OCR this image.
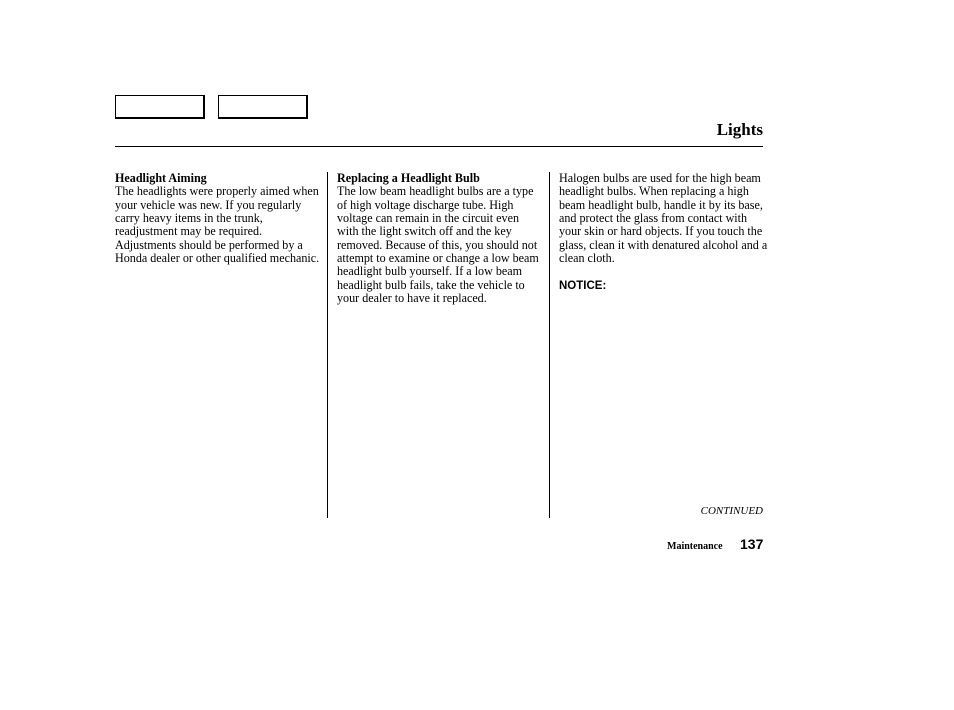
Lights
Headlight Aiming
The headlights were properly aimed when your vehicle was new. If you regularly carry heavy items in the trunk, readjustment may be required. Adjustments should be performed by a Honda dealer or other qualified mechanic.
Replacing a Headlight Bulb
The low beam headlight bulbs are a type of high voltage discharge tube. High voltage can remain in the circuit even with the light switch off and the key removed. Because of this, you should not attempt to examine or change a low beam headlight bulb yourself. If a low beam headlight bulb fails, take the vehicle to your dealer to have it replaced.
Halogen bulbs are used for the high beam headlight bulbs. When replacing a high beam headlight bulb, handle it by its base, and protect the glass from contact with your skin or hard objects. If you touch the glass, clean it with denatured alcohol and a clean cloth.
NOTICE:
CONTINUED
Maintenance 137
